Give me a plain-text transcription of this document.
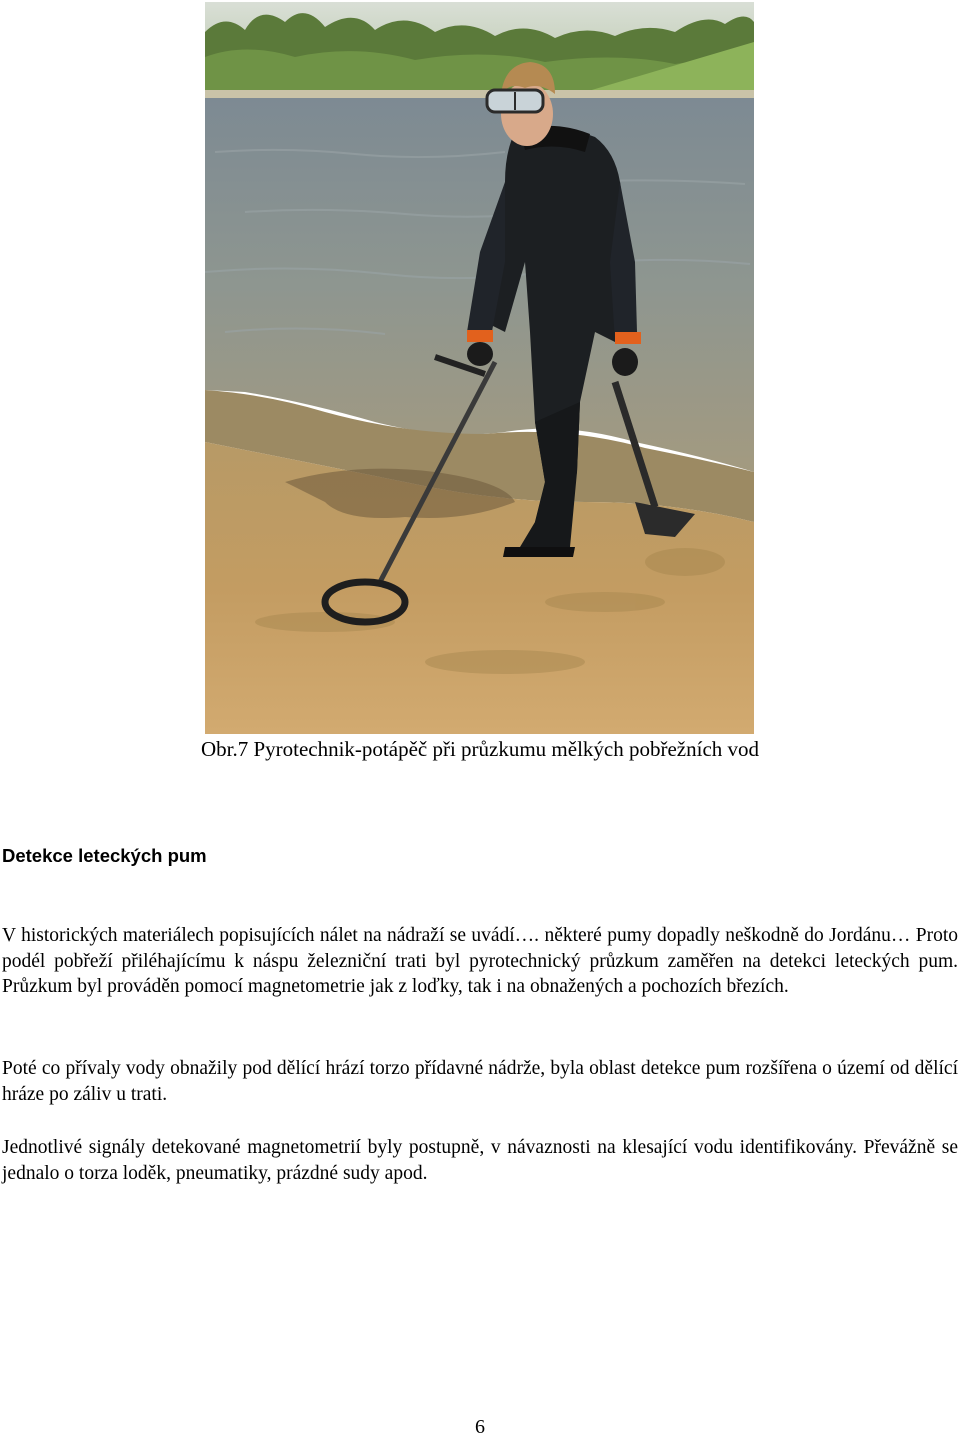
Obr.7 Pyrotechnik-potápěč při průzkumu mělkých pobřežních vod
Detekce leteckých pum

V historických materiálech popisujících nálet na nádraží se uvádí…. některé pumy dopadly neškodně do Jordánu… Proto podél pobřeží přiléhajícímu k náspu železniční trati byl pyrotechnický průzkum zaměřen na detekci leteckých pum. Průzkum byl prováděn pomocí magnetometrie jak z loďky, tak i na obnažených a pochozích březích.

Poté co přívaly vody obnažily pod dělící hrází torzo přídavné nádrže, byla oblast detekce pum rozšířena o území od dělící hráze po záliv u trati.

Jednotlivé signály detekované magnetometrií byly postupně, v návaznosti na klesající vodu identifikovány. Převážně se jednalo o torza loděk, pneumatiky, prázdné sudy apod.

6
